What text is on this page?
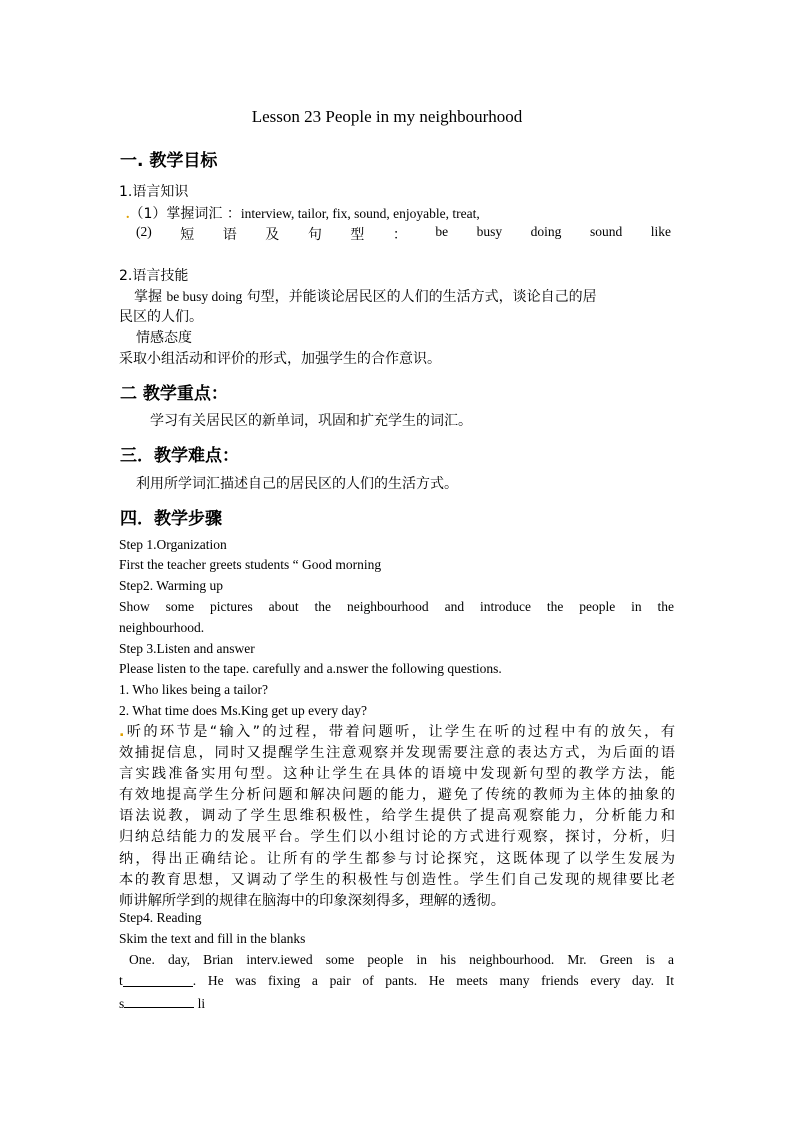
Lesson 23 People in my neighbourhood
一. 教学目标
1.语言知识
.（1）掌握词汇 ：interview, tailor, fix, sound, enjoyable, treat,
(2) 短 语 及 句 型 ： be busy doing sound like
2.语言技能
掌握 be busy doing 句型，并能谈论居民区的人们的生活方式，谈论自己的居
民区的人们。
情感态度
采取小组活动和评价的形式，加强学生的合作意识。
二 教学重点：
学习有关居民区的新单词，巩固和扩充学生的词汇。
三．教学难点：
利用所学词汇描述自己的居民区的人们的生活方式。
四．教学步骤
Step 1.Organization
First the teacher greets students “ Good morning
Step2. Warming up
Show some pictures about the neighbourhood and introduce the people in the
neighbourhood.
Step 3.Listen and answer
Please listen to the tape. carefully and a.nswer the following questions.
1. Who likes being a tailor?
2. What time does Ms.King get up every day?
.听的环节是“输入”的过程，带着问题听，让学生在听的过程中有的放矢，有
效捕捉信息，同时又提醒学生注意观察并发现需要注意的表达方式，为后面的语
言实践准备实用句型。这种让学生在具体的语境中发现新句型的教学方法，能
有效地提高学生分析问题和解决问题的能力，避免了传统的教师为主体的抽象的
语法说教，调动了学生思维积极性，给学生提供了提高观察能力，分析能力和
归纳总结能力的发展平台。学生们以小组讨论的方式进行观察，探讨，分析，归
纳，得出正确结论。让所有的学生都参与讨论探究，这既体现了以学生发展为
本的教育思想，又调动了学生的积极性与创造性。学生们自己发现的规律要比老
师讲解所学到的规律在脑海中的印象深刻得多，理解的透彻。
Step4. Reading
Skim the text and fill in the blanks
One. day, Brian interv.iewed some people in his neighbourhood. Mr. Green is a
t	. He was fixing a pair of pants. He meets many friends every day. It
s	li
